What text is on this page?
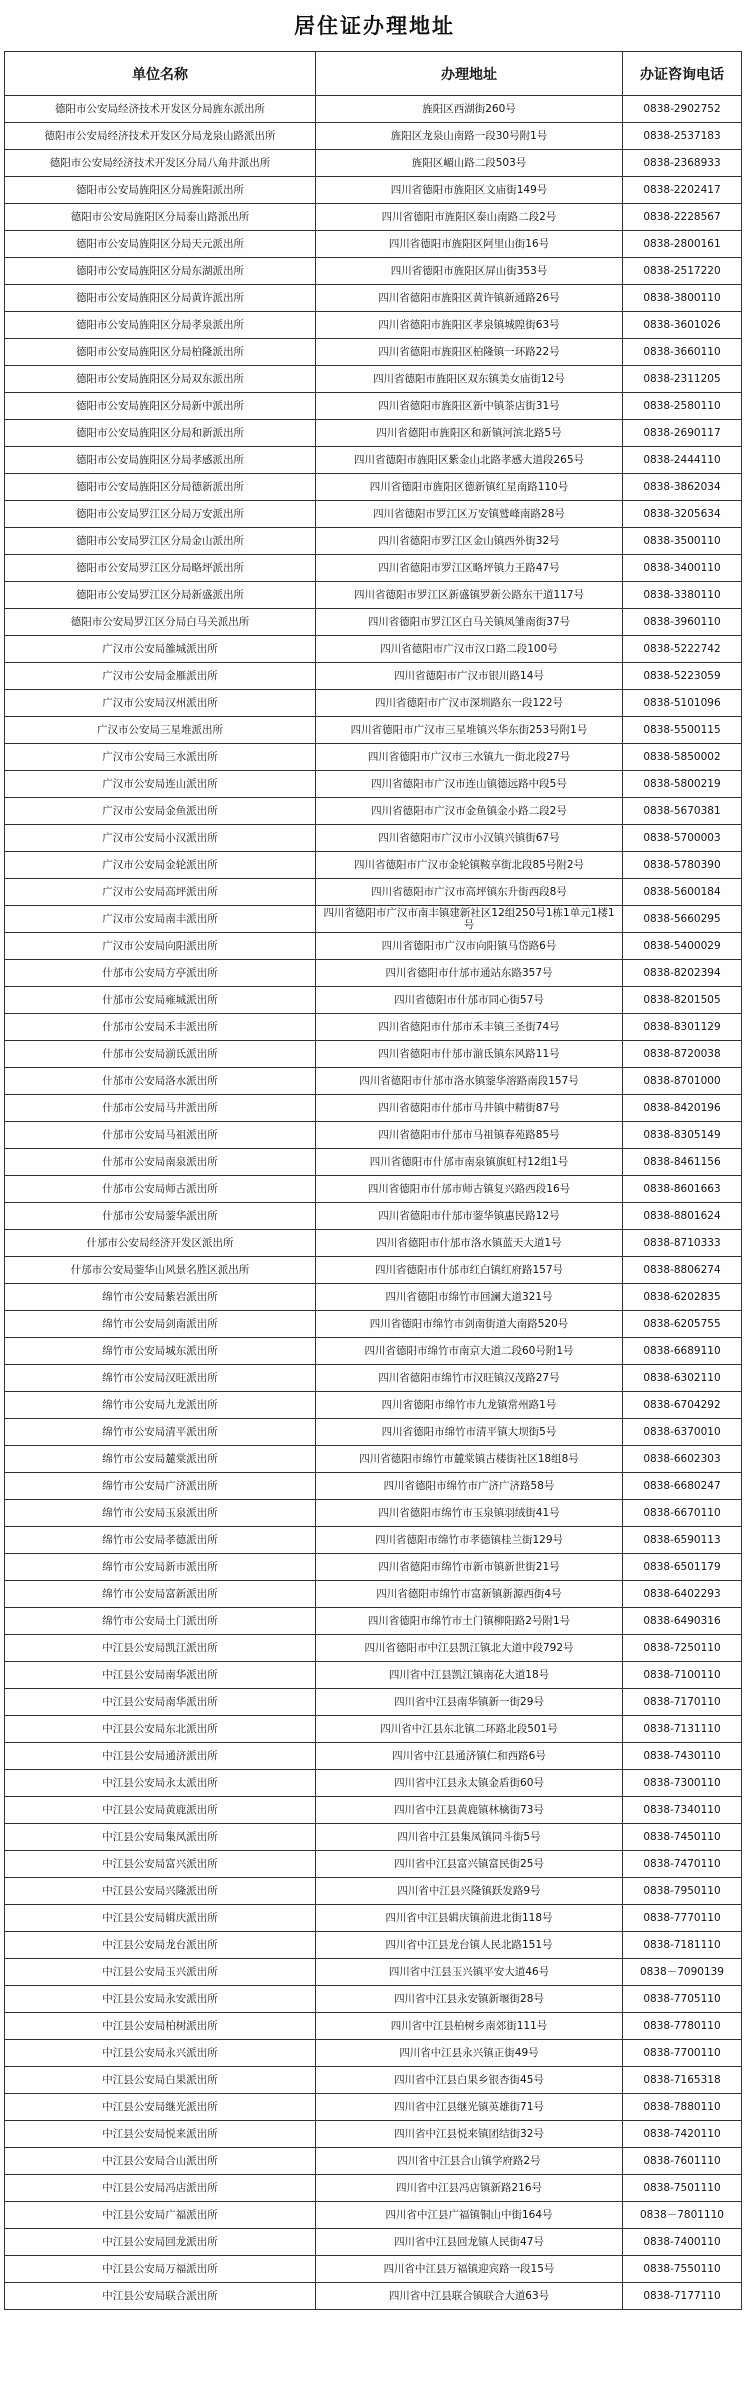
居住证办理地址
单位名称	办理地址	办证咨询电话
德阳市公安局经济技术开发区分局旌东派出所	旌阳区西湖街260号	0838-2902752
德阳市公安局经济技术开发区分局龙泉山路派出所	旌阳区龙泉山南路一段30号附1号	0838-2537183
德阳市公安局经济技术开发区分局八角井派出所	旌阳区嵋山路二段503号	0838-2368933
德阳市公安局旌阳区分局旌阳派出所	四川省德阳市旌阳区文庙街149号	0838-2202417
德阳市公安局旌阳区分局泰山路派出所	四川省德阳市旌阳区泰山南路二段2号	0838-2228567
德阳市公安局旌阳区分局天元派出所	四川省德阳市旌阳区阿里山街16号	0838-2800161
德阳市公安局旌阳区分局东湖派出所	四川省德阳市旌阳区屏山街353号	0838-2517220
德阳市公安局旌阳区分局黄许派出所	四川省德阳市旌阳区黄许镇新通路26号	0838-3800110
德阳市公安局旌阳区分局孝泉派出所	四川省德阳市旌阳区孝泉镇城隍街63号	0838-3601026
德阳市公安局旌阳区分局柏隆派出所	四川省德阳市旌阳区柏隆镇一环路22号	0838-3660110
德阳市公安局旌阳区分局双东派出所	四川省德阳市旌阳区双东镇美女庙街12号	0838-2311205
德阳市公安局旌阳区分局新中派出所	四川省德阳市旌阳区新中镇茶店街31号	0838-2580110
德阳市公安局旌阳区分局和新派出所	四川省德阳市旌阳区和新镇河滨北路5号	0838-2690117
德阳市公安局旌阳区分局孝感派出所	四川省德阳市旌阳区紫金山北路孝感大道段265号	0838-2444110
德阳市公安局旌阳区分局德新派出所	四川省德阳市旌阳区德新镇红星南路110号	0838-3862034
德阳市公安局罗江区分局万安派出所	四川省德阳市罗江区万安镇鹫峰南路28号	0838-3205634
德阳市公安局罗江区分局金山派出所	四川省德阳市罗江区金山镇西外街32号	0838-3500110
德阳市公安局罗江区分局略坪派出所	四川省德阳市罗江区略坪镇力王路47号	0838-3400110
德阳市公安局罗江区分局新盛派出所	四川省德阳市罗江区新盛镇罗新公路东干道117号	0838-3380110
德阳市公安局罗江区分局白马关派出所	四川省德阳市罗江区白马关镇凤雏南街37号	0838-3960110
广汉市公安局雒城派出所	四川省德阳市广汉市汉口路二段100号	0838-5222742
广汉市公安局金雁派出所	四川省德阳市广汉市银川路14号	0838-5223059
广汉市公安局汉州派出所	四川省德阳市广汉市深圳路东一段122号	0838-5101096
广汉市公安局三星堆派出所	四川省德阳市广汉市三星堆镇兴华东街253号附1号	0838-5500115
广汉市公安局三水派出所	四川省德阳市广汉市三水镇九一街北段27号	0838-5850002
广汉市公安局连山派出所	四川省德阳市广汉市连山镇德远路中段5号	0838-5800219
广汉市公安局金鱼派出所	四川省德阳市广汉市金鱼镇金小路二段2号	0838-5670381
广汉市公安局小汉派出所	四川省德阳市广汉市小汉镇兴镇街67号	0838-5700003
广汉市公安局金轮派出所	四川省德阳市广汉市金轮镇鞍享街北段85号附2号	0838-5780390
广汉市公安局高坪派出所	四川省德阳市广汉市高坪镇东升街西段8号	0838-5600184
广汉市公安局南丰派出所	四川省德阳市广汉市南丰镇建新社区12组250号1栋1单元1楼1号	0838-5660295
广汉市公安局向阳派出所	四川省德阳市广汉市向阳镇马岱路6号	0838-5400029
什邡市公安局方亭派出所	四川省德阳市什邡市通站东路357号	0838-8202394
什邡市公安局雍城派出所	四川省德阳市什邡市同心街57号	0838-8201505
什邡市公安局禾丰派出所	四川省德阳市什邡市禾丰镇三圣街74号	0838-8301129
什邡市公安局湔氐派出所	四川省德阳市什邡市湔氐镇东风路11号	0838-8720038
什邡市公安局洛水派出所	四川省德阳市什邡市洛水镇蓥华溶路南段157号	0838-8701000
什邡市公安局马井派出所	四川省德阳市什邡市马井镇中精街87号	0838-8420196
什邡市公安局马祖派出所	四川省德阳市什邡市马祖镇春苑路85号	0838-8305149
什邡市公安局南泉派出所	四川省德阳市什邡市南泉镇旗虹村12组1号	0838-8461156
什邡市公安局师古派出所	四川省德阳市什邡市师古镇复兴路西段16号	0838-8601663
什邡市公安局蓥华派出所	四川省德阳市什邡市蓥华镇惠民路12号	0838-8801624
什邡市公安局经济开发区派出所	四川省德阳市什邡市洛水镇蓝天大道1号	0838-8710333
什邡市公安局蓥华山风景名胜区派出所	四川省德阳市什邡市红白镇红府路157号	0838-8806274
绵竹市公安局紫岩派出所	四川省德阳市绵竹市回澜大道321号	0838-6202835
绵竹市公安局剑南派出所	四川省德阳市绵竹市剑南街道大南路520号	0838-6205755
绵竹市公安局城东派出所	四川省德阳市绵竹市南京大道二段60号附1号	0838-6689110
绵竹市公安局汉旺派出所	四川省德阳市绵竹市汉旺镇汉茂路27号	0838-6302110
绵竹市公安局九龙派出所	四川省德阳市绵竹市九龙镇常州路1号	0838-6704292
绵竹市公安局清平派出所	四川省德阳市绵竹市清平镇大坝街5号	0838-6370010
绵竹市公安局麓棠派出所	四川省德阳市绵竹市麓棠镇古楼街社区18组8号	0838-6602303
绵竹市公安局广济派出所	四川省德阳市绵竹市广济广济路58号	0838-6680247
绵竹市公安局玉泉派出所	四川省德阳市绵竹市玉泉镇羽绒街41号	0838-6670110
绵竹市公安局孝德派出所	四川省德阳市绵竹市孝德镇桂兰街129号	0838-6590113
绵竹市公安局新市派出所	四川省德阳市绵竹市新市镇新世街21号	0838-6501179
绵竹市公安局富新派出所	四川省德阳市绵竹市富新镇新源西街4号	0838-6402293
绵竹市公安局土门派出所	四川省德阳市绵竹市土门镇柳阳路2号附1号	0838-6490316
中江县公安局凯江派出所	四川省德阳市中江县凯江镇北大道中段792号	0838-7250110
中江县公安局南华派出所	四川省中江县凯江镇南花大道18号	0838-7100110
中江县公安局南华派出所	四川省中江县南华镇新一街29号	0838-7170110
中江县公安局东北派出所	四川省中江县东北镇二环路北段501号	0838-7131110
中江县公安局通济派出所	四川省中江县通济镇仁和西路6号	0838-7430110
中江县公安局永太派出所	四川省中江县永太镇金盾街60号	0838-7300110
中江县公安局黄鹿派出所	四川省中江县黄鹿镇林檎街73号	0838-7340110
中江县公安局集凤派出所	四川省中江县集凤镇同斗街5号	0838-7450110
中江县公安局富兴派出所	四川省中江县富兴镇富民街25号	0838-7470110
中江县公安局兴隆派出所	四川省中江县兴隆镇跃发路9号	0838-7950110
中江县公安局辑庆派出所	四川省中江县辑庆镇前进北街118号	0838-7770110
中江县公安局龙台派出所	四川省中江县龙台镇人民北路151号	0838-7181110
中江县公安局玉兴派出所	四川省中江县玉兴镇平安大道46号	0838－7090139
中江县公安局永安派出所	四川省中江县永安镇新堰街28号	0838-7705110
中江县公安局柏树派出所	四川省中江县柏树乡南郊街111号	0838-7780110
中江县公安局永兴派出所	四川省中江县永兴镇正街49号	0838-7700110
中江县公安局白果派出所	四川省中江县白果乡银杏街45号	0838-7165318
中江县公安局继光派出所	四川省中江县继光镇英雄街71号	0838-7880110
中江县公安局悦来派出所	四川省中江县悦来镇团结街32号	0838-7420110
中江县公安局合山派出所	四川省中江县合山镇学府路2号	0838-7601110
中江县公安局冯店派出所	四川省中江县冯店镇新路216号	0838-7501110
中江县公安局广福派出所	四川省中江县广福镇铜山中街164号	0838－7801110
中江县公安局回龙派出所	四川省中江县回龙镇人民街47号	0838-7400110
中江县公安局万福派出所	四川省中江县万福镇迎宾路一段15号	0838-7550110
中江县公安局联合派出所	四川省中江县联合镇联合大道63号	0838-7177110
